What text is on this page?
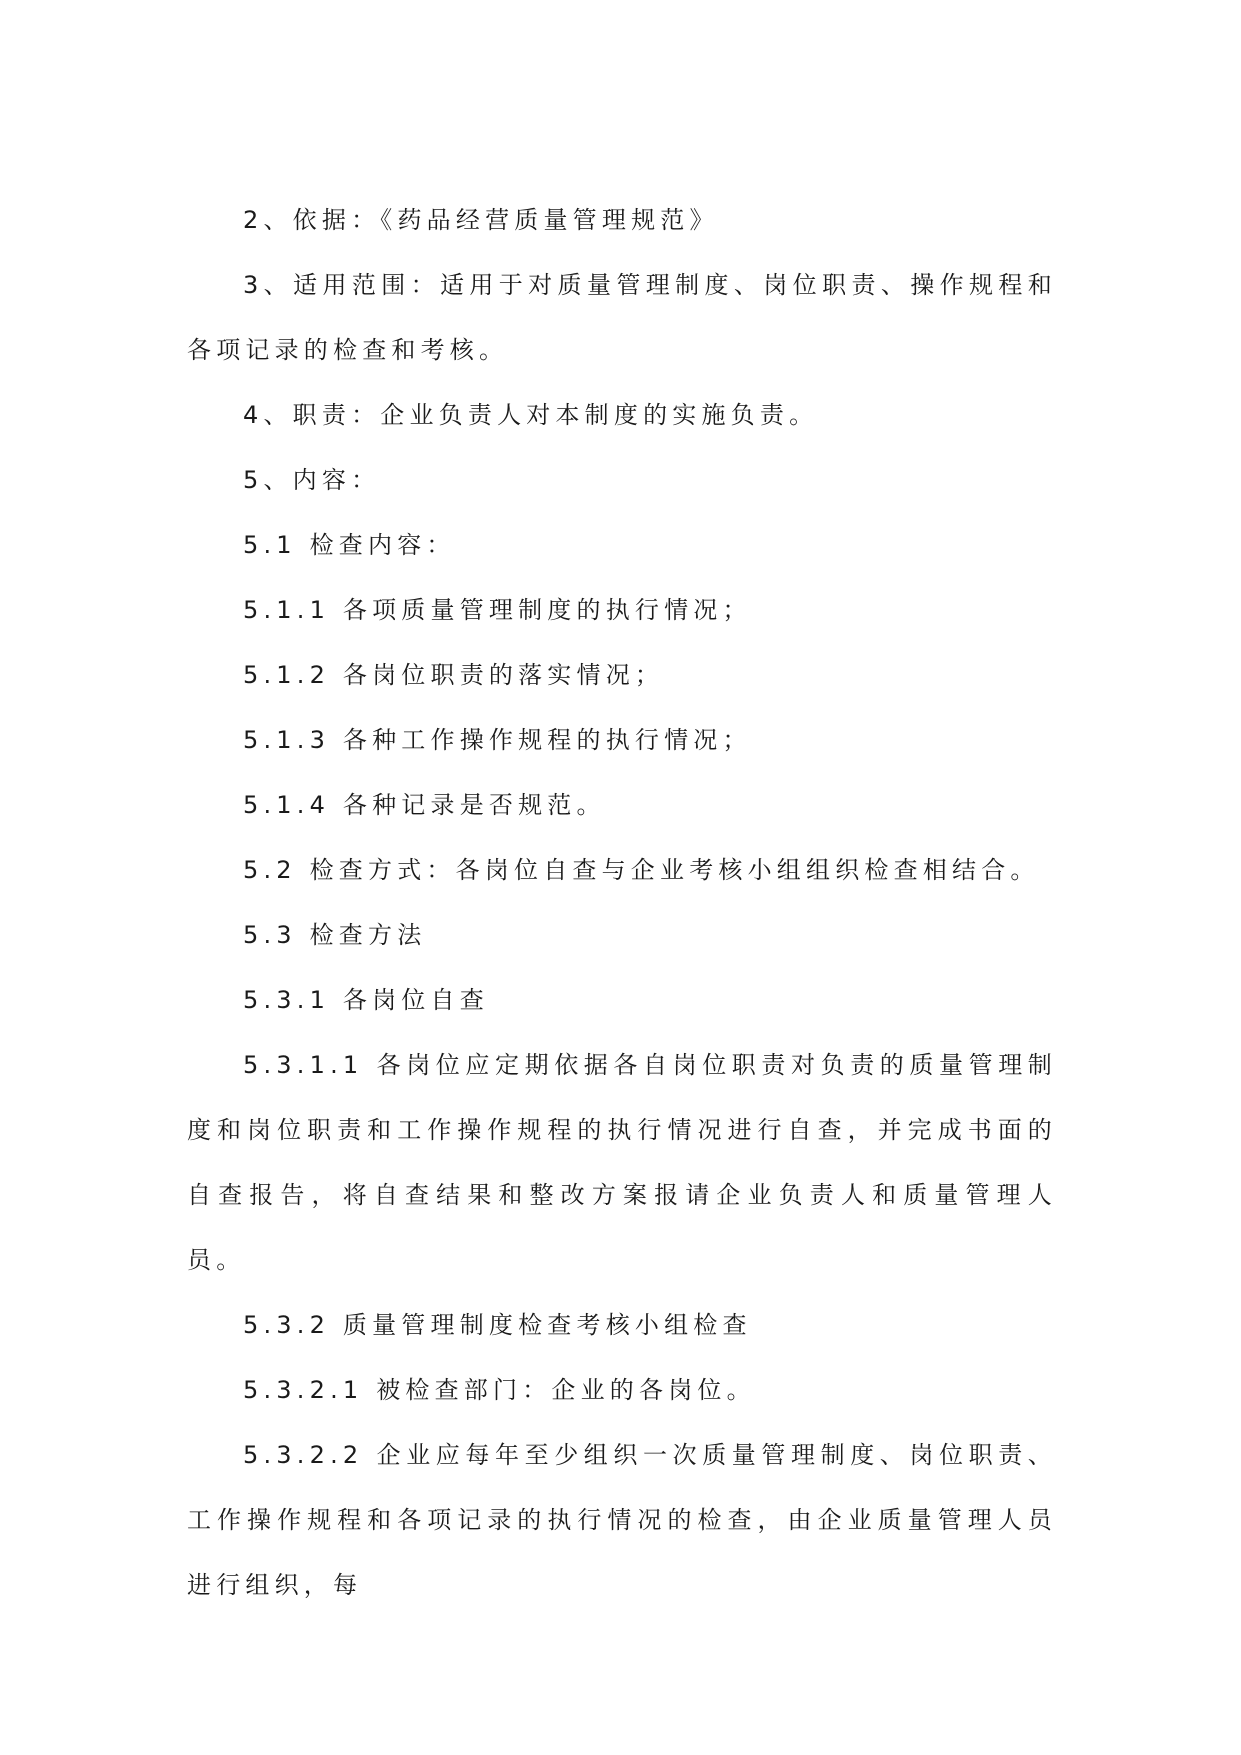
2、依据：《药品经营质量管理规范》

3、适用范围：适用于对质量管理制度、岗位职责、操作规程和各项记录的检查和考核。

4、职责：企业负责人对本制度的实施负责。

5、内容：

5.1 检查内容：

5.1.1 各项质量管理制度的执行情况；

5.1.2 各岗位职责的落实情况；

5.1.3 各种工作操作规程的执行情况；

5.1.4 各种记录是否规范。

5.2 检查方式：各岗位自查与企业考核小组组织检查相结合。

5.3 检查方法

5.3.1 各岗位自查

5.3.1.1 各岗位应定期依据各自岗位职责对负责的质量管理制度和岗位职责和工作操作规程的执行情况进行自查，并完成书面的自查报告，将自查结果和整改方案报请企业负责人和质量管理人员。

5.3.2 质量管理制度检查考核小组检查

5.3.2.1 被检查部门：企业的各岗位。

5.3.2.2 企业应每年至少组织一次质量管理制度、岗位职责、工作操作规程和各项记录的执行情况的检查，由企业质量管理人员进行组织，每
